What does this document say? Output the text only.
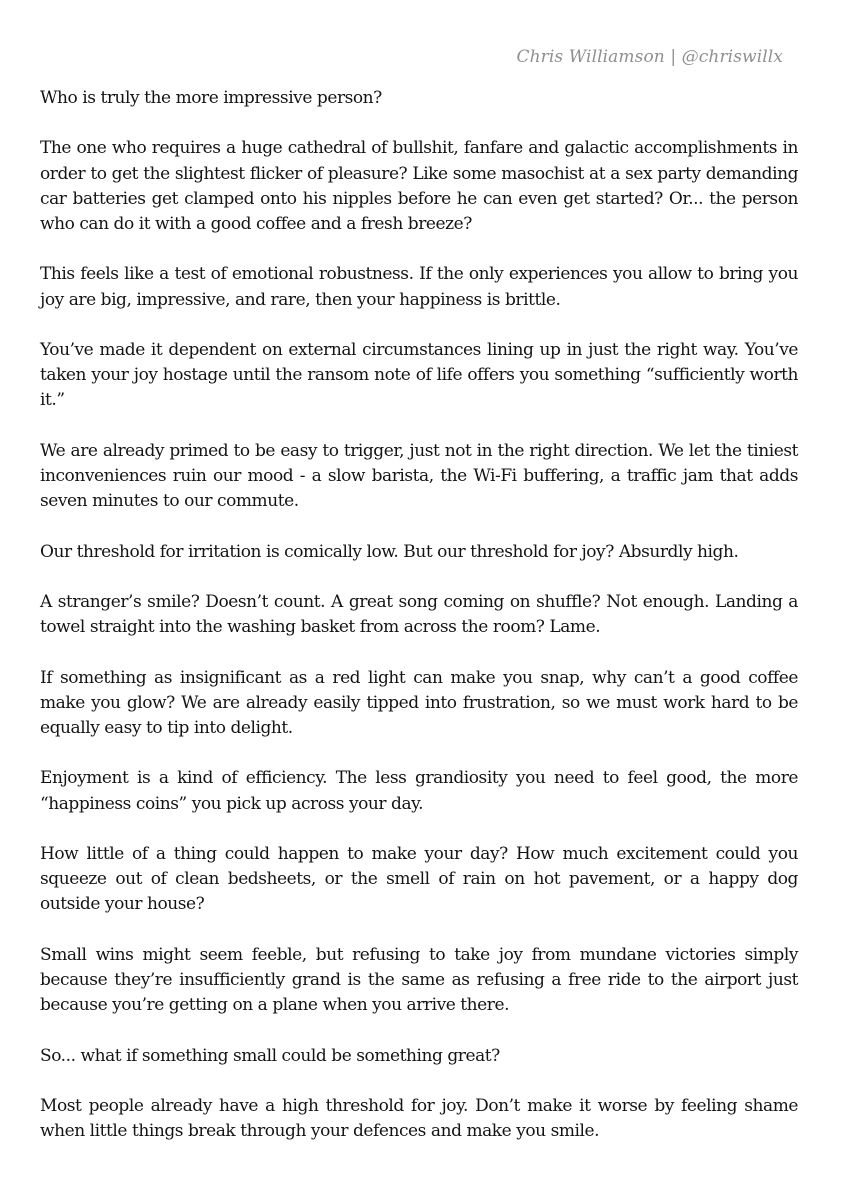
Chris Williamson | @chriswillx

Who is truly the more impressive person?

The one who requires a huge cathedral of bullshit, fanfare and galactic accomplishments in order to get the slightest flicker of pleasure? Like some masochist at a sex party demanding car batteries get clamped onto his nipples before he can even get started? Or... the person who can do it with a good coffee and a fresh breeze?

This feels like a test of emotional robustness. If the only experiences you allow to bring you joy are big, impressive, and rare, then your happiness is brittle.

You’ve made it dependent on external circumstances lining up in just the right way. You’ve taken your joy hostage until the ransom note of life offers you something “sufficiently worth it.”

We are already primed to be easy to trigger, just not in the right direction. We let the tiniest inconveniences ruin our mood - a slow barista, the Wi-Fi buffering, a traffic jam that adds seven minutes to our commute.

Our threshold for irritation is comically low. But our threshold for joy? Absurdly high.

A stranger’s smile? Doesn’t count. A great song coming on shuffle? Not enough. Landing a towel straight into the washing basket from across the room? Lame.

If something as insignificant as a red light can make you snap, why can’t a good coffee make you glow? We are already easily tipped into frustration, so we must work hard to be equally easy to tip into delight.

Enjoyment is a kind of efficiency. The less grandiosity you need to feel good, the more “happiness coins” you pick up across your day.

How little of a thing could happen to make your day? How much excitement could you squeeze out of clean bedsheets, or the smell of rain on hot pavement, or a happy dog outside your house?

Small wins might seem feeble, but refusing to take joy from mundane victories simply because they’re insufficiently grand is the same as refusing a free ride to the airport just because you’re getting on a plane when you arrive there.

So... what if something small could be something great?

Most people already have a high threshold for joy. Don’t make it worse by feeling shame when little things break through your defences and make you smile.
